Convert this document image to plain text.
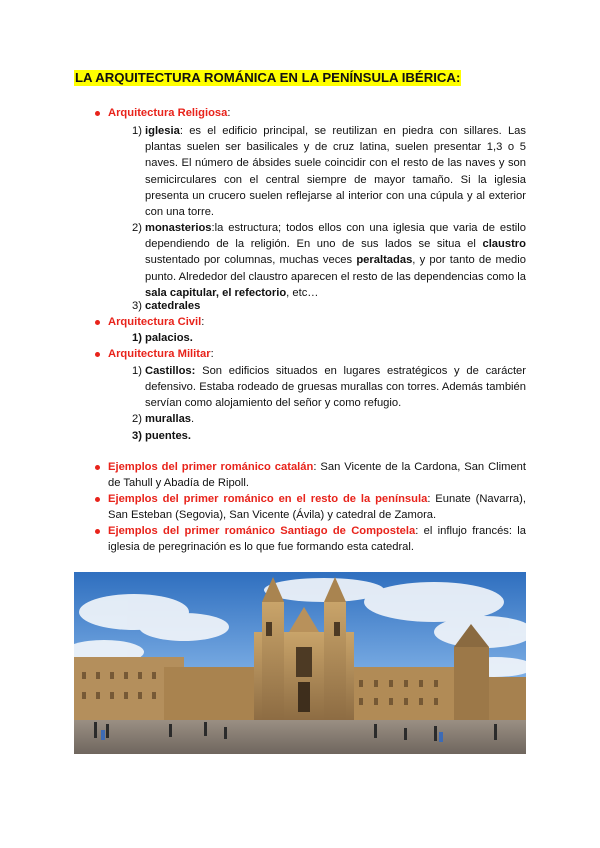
LA ARQUITECTURA ROMÁNICA EN LA PENÍNSULA IBÉRICA:
Arquitectura Religiosa:
1) iglesia: es el edificio principal, se reutilizan en piedra con sillares. Las plantas suelen ser basilicales y de cruz latina, suelen presentar 1,3 o 5 naves. El número de ábsides suele coincidir con el resto de las naves y son semicirculares con el central siempre de mayor tamaño. Si la iglesia presenta un crucero suelen reflejarse al interior con una cúpula y al exterior con una torre.
2) monasterios:la estructura; todos ellos con una iglesia que varia de estilo dependiendo de la religión. En uno de sus lados se situa el claustro sustentado por columnas, muchas veces peraltadas, y por tanto de medio punto. Alrededor del claustro aparecen el resto de las dependencias como la sala capitular, el refectorio, etc…
3) catedrales
Arquitectura Civil:
1) palacios.
Arquitectura Militar:
1) Castillos: Son edificios situados en lugares estratégicos y de carácter defensivo. Estaba rodeado de gruesas murallas con torres. Además también servían como alojamiento del señor y como refugio.
2) murallas.
3) puentes.
Ejemplos del primer románico catalán: San Vicente de la Cardona, San Climent de Tahull y Abadía de Ripoll.
Ejemplos del primer románico en el resto de la península: Eunate (Navarra), San Esteban (Segovia), San Vicente (Ávila) y catedral de Zamora.
Ejemplos del primer románico Santiago de Compostela: el influjo francés: la iglesia de peregrinación es lo que fue formando esta catedral.
